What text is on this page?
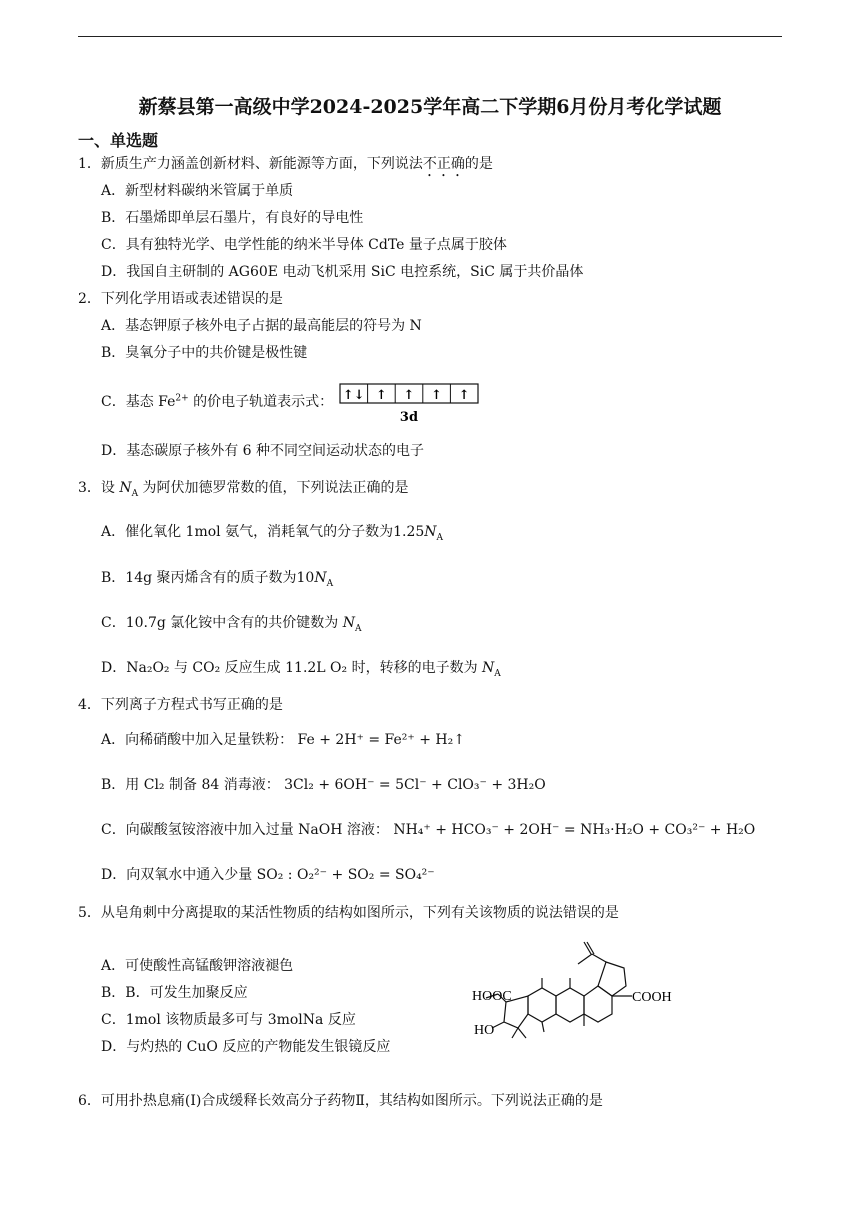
新蔡县第一高级中学2024-2025学年高二下学期6月份月考化学试题
一、单选题
1．新质生产力涵盖创新材料、新能源等方面，下列说法不正确的是
A．新型材料碳纳米管属于单质
B．石墨烯即单层石墨片，有良好的导电性
C．具有独特光学、电学性能的纳米半导体 CdTe 量子点属于胶体
D．我国自主研制的 AG60E 电动飞机采用 SiC 电控系统，SiC 属于共价晶体
2．下列化学用语或表述错误的是
A．基态钾原子核外电子占据的最高能层的符号为 N
B．臭氧分子中的共价键是极性键
C．基态 $Fe^{2+}$ 的价电子轨道表示式： ↑↓ ↑ ↑ ↑ ↑
3d
D．基态碳原子核外有 6 种不同空间运动状态的电子
3．设 $N_A$ 为阿伏加德罗常数的值，下列说法正确的是
A．催化氧化 1mol 氨气，消耗氧气的分子数为$1.25N_A$
B．14g 聚丙烯含有的质子数为$10N_A$
C．10.7g 氯化铵中含有的共价键数为 $N_A$
D．Na₂O₂ 与 CO₂ 反应生成 11.2L O₂ 时，转移的电子数为 $N_A$
4．下列离子方程式书写正确的是
A．向稀硝酸中加入足量铁粉： Fe + 2H⁺ = Fe²⁺ + H₂↑
B．用 Cl₂ 制备 84 消毒液： 3Cl₂ + 6OH⁻ = 5Cl⁻ + ClO₃⁻ + 3H₂O
C．向碳酸氢铵溶液中加入过量 NaOH 溶液： NH₄⁺ + HCO₃⁻ + 2OH⁻ = NH₃·H₂O + CO₃²⁻ + H₂O
D．向双氧水中通入少量 SO₂ : O₂²⁻ + SO₂ = SO₄²⁻
5．从皂角刺中分离提取的某活性物质的结构如图所示，下列有关该物质的说法错误的是
A．可使酸性高锰酸钾溶液褪色
B．B．可发生加聚反应
C．1mol 该物质最多可与 3molNa 反应
D．与灼热的 CuO 反应的产物能发生银镜反应
HOOC	COOH
HO
6．可用扑热息痛(Ⅰ)合成缓释长效高分子药物Ⅱ，其结构如图所示。下列说法正确的是
